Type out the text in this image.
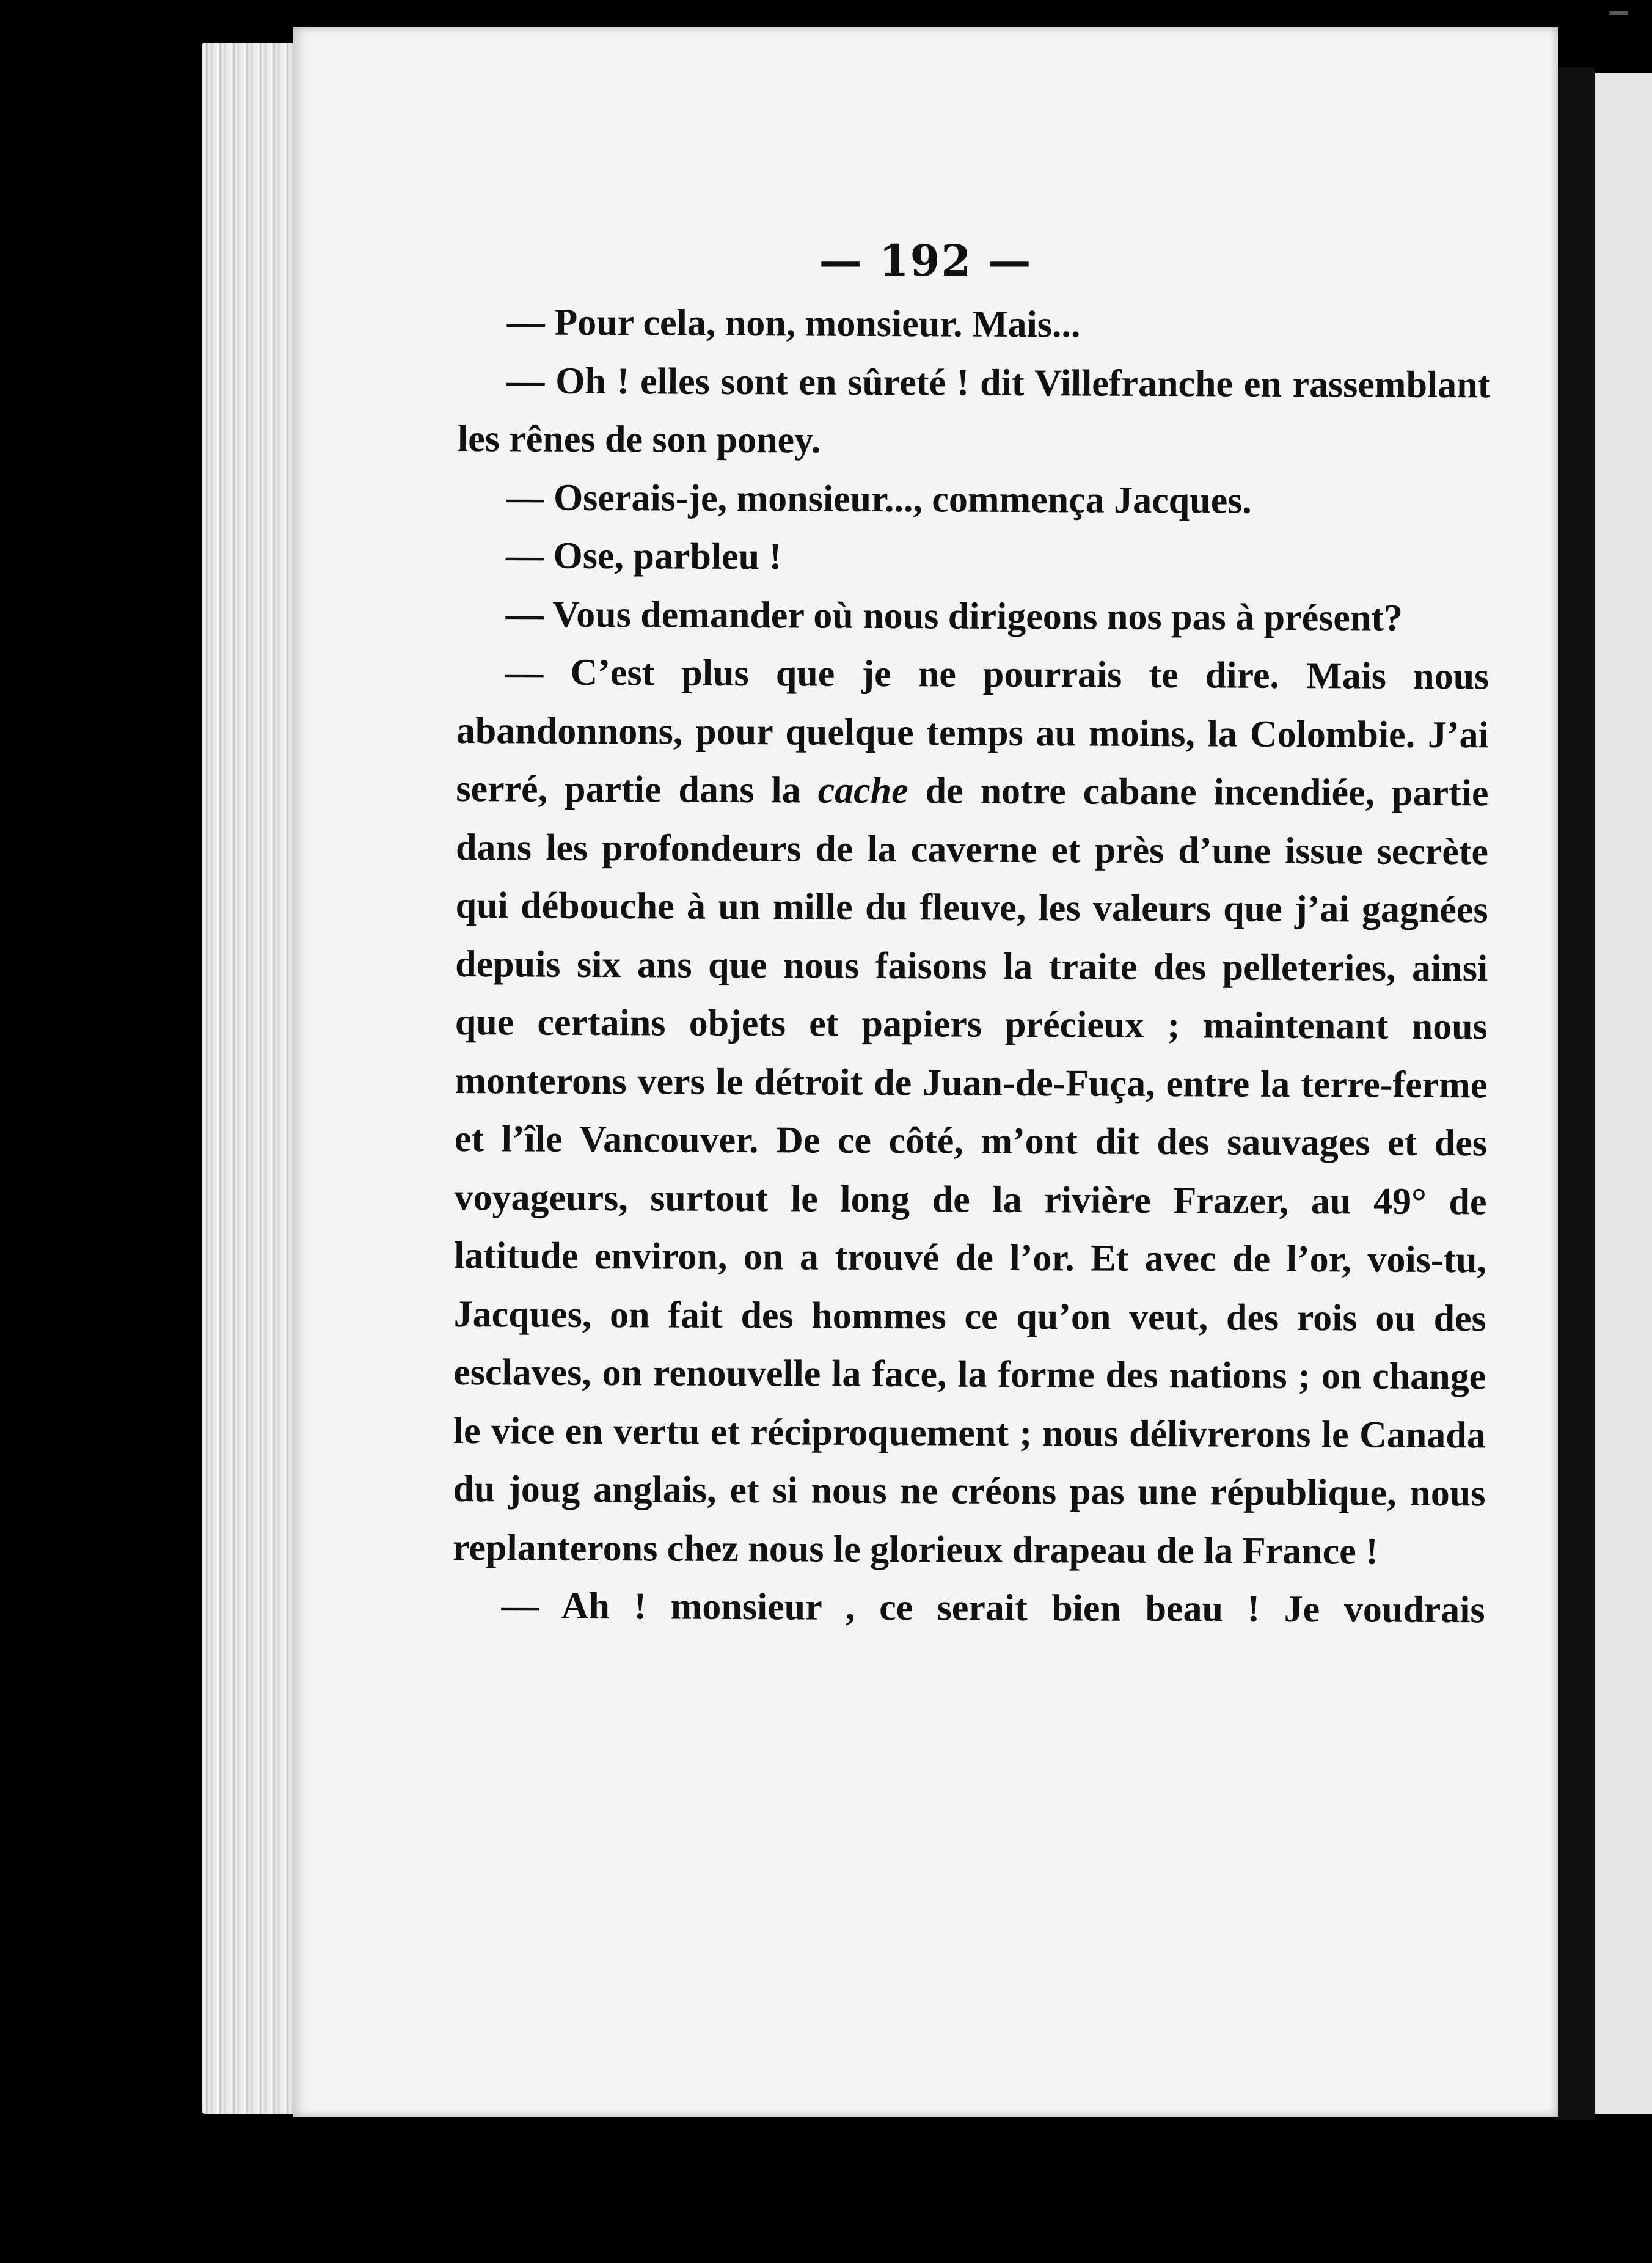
— 192 —

— Pour cela, non, monsieur. Mais...

— Oh ! elles sont en sûreté ! dit Villefranche en rassemblant les rênes de son poney.

— Oserais-je, monsieur..., commença Jacques.

— Ose, parbleu !

— Vous demander où nous dirigeons nos pas à présent?

— C’est plus que je ne pourrais te dire. Mais nous abandonnons, pour quelque temps au moins, la Colombie. J’ai serré, partie dans la cache de notre cabane incendiée, partie dans les profondeurs de la caverne et près d’une issue secrète qui débouche à un mille du fleuve, les valeurs que j’ai gagnées depuis six ans que nous faisons la traite des pelleteries, ainsi que certains objets et papiers précieux ; maintenant nous monterons vers le détroit de Juan-de-Fuça, entre la terre-ferme et l’île Vancouver. De ce côté, m’ont dit des sauvages et des voyageurs, surtout le long de la rivière Frazer, au 49° de latitude environ, on a trouvé de l’or. Et avec de l’or, vois-tu, Jacques, on fait des hommes ce qu’on veut, des rois ou des esclaves, on renouvelle la face, la forme des nations ; on change le vice en vertu et réciproquement ; nous délivrerons le Canada du joug anglais, et si nous ne créons pas une république, nous replanterons chez nous le glorieux drapeau de la France !

— Ah ! monsieur , ce serait bien beau ! Je voudrais
